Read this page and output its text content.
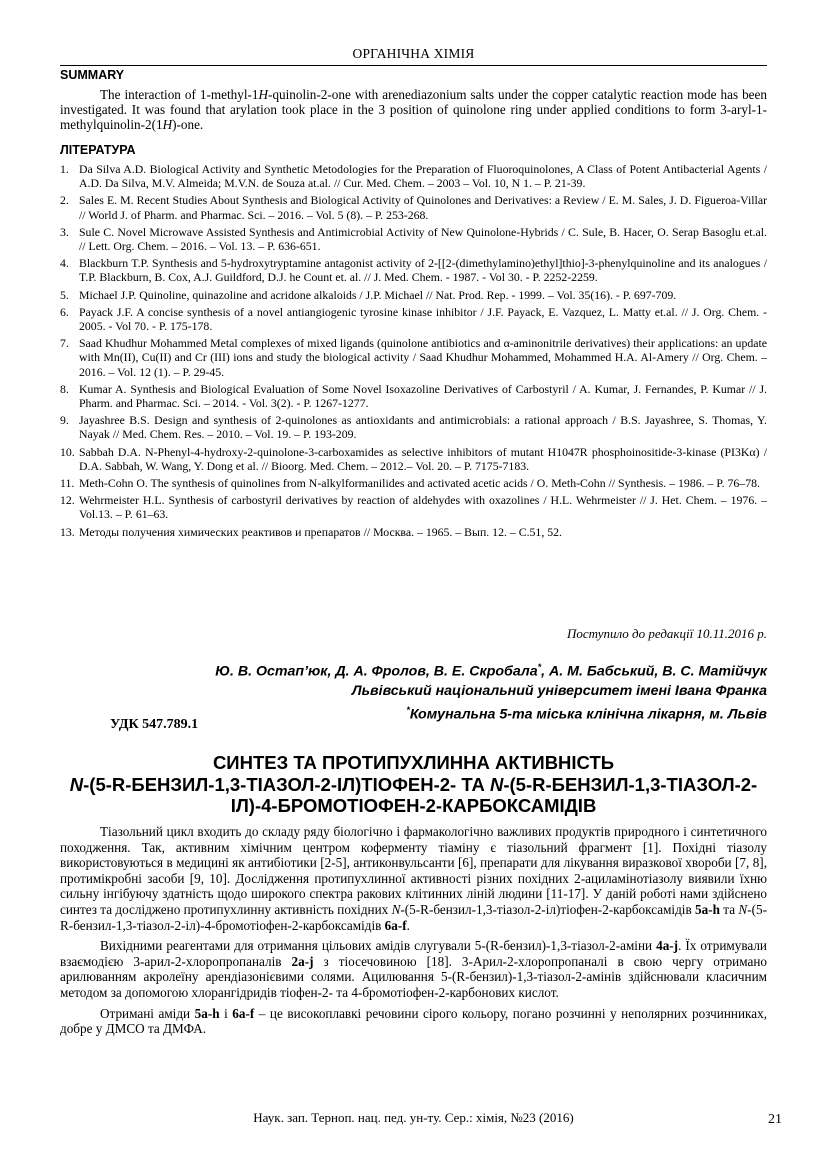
ОРГАНІЧНА ХІМІЯ
SUMMARY
The interaction of 1-methyl-1H-quinolin-2-one with arenediazonium salts under the copper catalytic reaction mode has been investigated. It was found that arylation took place in the 3 position of quinolone ring under applied conditions to form 3-aryl-1-methylquinolin-2(1H)-one.
ЛІТЕРАТУРА
1. Da Silva A.D. Biological Activity and Synthetic Metodologies for the Preparation of Fluoroquinolones, A Class of Potent Antibacterial Agents / A.D. Da Silva, M.V. Almeida; M.V.N. de Souza at.al. // Cur. Med. Chem. – 2003 – Vol. 10, N 1. – P. 21-39.
2. Sales E. M. Recent Studies About Synthesis and Biological Activity of Quinolones and Derivatives: a Review / E. M. Sales, J. D. Figueroa-Villar // World J. of Pharm. and Pharmac. Sci. – 2016. – Vol. 5 (8). – P. 253-268.
3. Sule C. Novel Microwave Assisted Synthesis and Antimicrobial Activity of New Quinolone-Hybrids / C. Sule, B. Hacer, O. Serap Basoglu et.al. // Lett. Org. Chem. – 2016. – Vol. 13. – P. 636-651.
4. Blackburn T.P. Synthesis and 5-hydroxytryptamine antagonist activity of 2-[[2-(dimethylamino)ethyl]thio]-3-phenylquinoline and its analogues / T.P. Blackburn, B. Cox, A.J. Guildford, D.J. he Count et. al. // J. Med. Chem. - 1987. - Vol 30. - P. 2252-2259.
5. Michael J.P. Quinoline, quinazoline and acridone alkaloids / J.P. Michael // Nat. Prod. Rep. - 1999. – Vol. 35(16). - P. 697-709.
6. Payack J.F. A concise synthesis of a novel antiangiogenic tyrosine kinase inhibitor / J.F. Payack, E. Vazquez, L. Matty et.al. // J. Org. Chem. - 2005. - Vol 70. - P. 175-178.
7. Saad Khudhur Mohammed Metal complexes of mixed ligands (quinolone antibiotics and α-aminonitrile derivatives) their applications: an update with Mn(II), Cu(II) and Cr (III) ions and study the biological activity / Saad Khudhur Mohammed, Mohammed H.A. Al-Amery // Org. Chem. – 2016. – Vol. 12 (1). – P. 29-45.
8. Kumar A. Synthesis and Biological Evaluation of Some Novel Isoxazoline Derivatives of Carbostyril / A. Kumar, J. Fernandes, P. Kumar // J. Pharm. and Pharmac. Sci. – 2014. - Vol. 3(2). - P. 1267-1277.
9. Jayashree B.S. Design and synthesis of 2-quinolones as antioxidants and antimicrobials: a rational approach / B.S. Jayashree, S. Thomas, Y. Nayak // Med. Chem. Res. – 2010. – Vol. 19. – P. 193-209.
10. Sabbah D.A. N-Phenyl-4-hydroxy-2-quinolone-3-carboxamides as selective inhibitors of mutant H1047R phosphoinositide-3-kinase (PI3Kα) / D.A. Sabbah, W. Wang, Y. Dong et al. // Bioorg. Med. Chem. – 2012.– Vol. 20. – P. 7175-7183.
11. Meth-Cohn O. The synthesis of quinolines from N-alkylformanilides and activated acetic acids / O. Meth-Cohn // Synthesis. – 1986. – P. 76–78.
12. Wehrmeister H.L. Synthesis of carbostyril derivatives by reaction of aldehydes with oxazolines / H.L. Wehrmeister // J. Het. Chem. – 1976. – Vol.13. – P. 61–63.
13. Методы получения химических реактивов и препаратов // Москва. – 1965. – Вып. 12. – С.51, 52.
Поступило до редакції 10.11.2016 р.
Ю. В. Остап’юк, Д. А. Фролов, В. Е. Скробала*, А. М. Бабський, В. С. Матійчук
Львівський національний університет імені Івана Франка
*Комунальна 5-та міська клінічна лікарня, м. Львів
УДК 547.789.1
СИНТЕЗ ТА ПРОТИПУХЛИННА АКТИВНІСТЬ
N-(5-R-БЕНЗИЛ-1,3-ТІАЗОЛ-2-ІЛ)ТІОФЕН-2- ТА N-(5-R-БЕНЗИЛ-1,3-ТІАЗОЛ-2-ІЛ)-4-БРОМОТІОФЕН-2-КАРБОКСАМІДІВ

Тіазольний цикл входить до складу ряду біологічно і фармакологічно важливих продуктів природного і синтетичного походження. Так, активним хімічним центром коферменту тіаміну є тіазольний фрагмент [1]. Похідні тіазолу використовуються в медицині як антибіотики [2-5], антиконвульсанти [6], препарати для лікування виразкової хвороби [7, 8], протимікробні засоби [9, 10]. Дослідження протипухлинної активності різних похідних 2-ациламінотіазолу виявили їхню сильну інгібуючу здатність щодо широкого спектра ракових клітинних ліній людини [11-17]. У даній роботі нами здійснено синтез та досліджено протипухлинну активність похідних N-(5-R-бензил-1,3-тіазол-2-іл)тіофен-2-карбоксамідів 5a-h та N-(5-R-бензил-1,3-тіазол-2-іл)-4-бромотіофен-2-карбоксамідів 6a-f.

Вихідними реагентами для отримання цільових амідів слугували 5-(R-бензил)-1,3-тіазол-2-аміни 4a-j. Їх отримували взаємодією 3-арил-2-хлоропропаналів 2a-j з тіосечовиною [18]. 3-Арил-2-хлоропропаналі в свою чергу отримано арилюванням акролеїну арендіазонієвими солями. Ацилювання 5-(R-бензил)-1,3-тіазол-2-амінів здійснювали класичним методом за допомогою хлорангідридів тіофен-2- та 4-бромотіофен-2-карбонових кислот.

Отримані аміди 5a-h і 6a-f – це високоплавкі речовини сірого кольору, погано розчинні у неполярних розчинниках, добре у ДМСО та ДМФА.

Наук. зап. Терноп. нац. пед. ун-ту. Сер.: хімія, №23 (2016)	21
